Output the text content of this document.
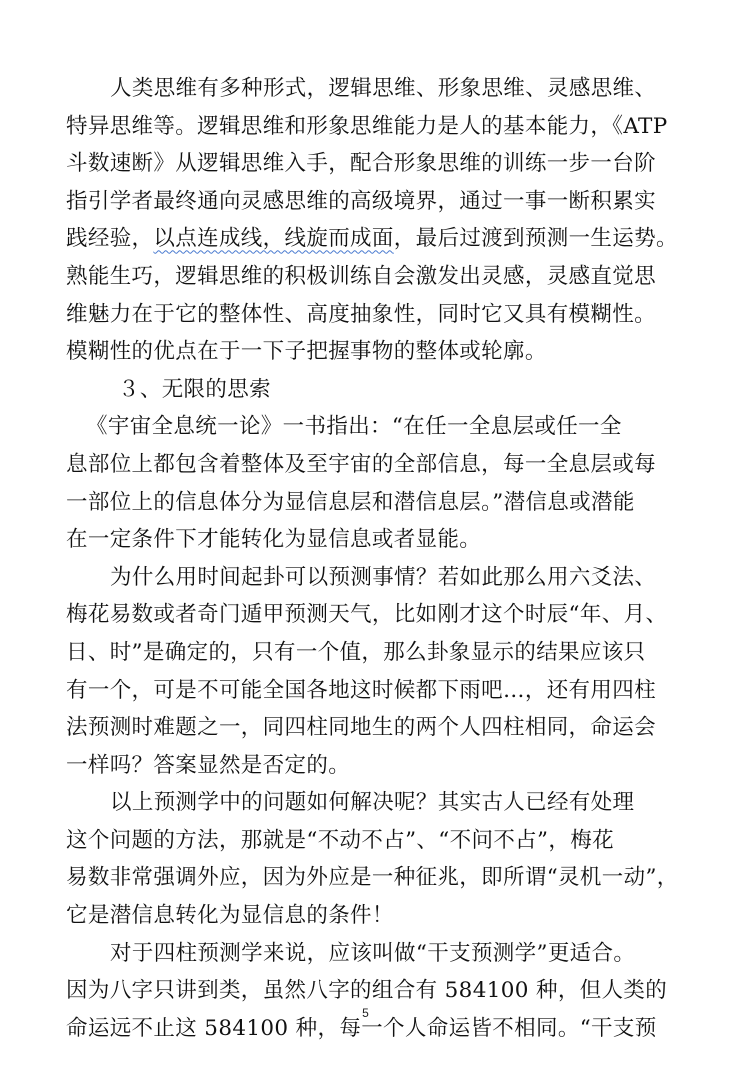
人类思维有多种形式，逻辑思维、形象思维、灵感思维、
特异思维等。逻辑思维和形象思维能力是人的基本能力，《ATP
斗数速断》从逻辑思维入手，配合形象思维的训练一步一台阶
指引学者最终通向灵感思维的高级境界，通过一事一断积累实
践经验，以点连成线，线旋而成面，最后过渡到预测一生运势。
熟能生巧，逻辑思维的积极训练自会激发出灵感，灵感直觉思
维魅力在于它的整体性、高度抽象性，同时它又具有模糊性。
模糊性的优点在于一下子把握事物的整体或轮廓。
３、无限的思索
《宇宙全息统一论》一书指出：“在任一全息层或任一全
息部位上都包含着整体及至宇宙的全部信息，每一全息层或每
一部位上的信息体分为显信息层和潜信息层。”潜信息或潜能
在一定条件下才能转化为显信息或者显能。
为什么用时间起卦可以预测事情？若如此那么用六爻法、
梅花易数或者奇门遁甲预测天气，比如刚才这个时辰“年、月、
日、时”是确定的，只有一个值，那么卦象显示的结果应该只
有一个，可是不可能全国各地这时候都下雨吧…，还有用四柱
法预测时难题之一，同四柱同地生的两个人四柱相同，命运会
一样吗？答案显然是否定的。
以上预测学中的问题如何解决呢？其实古人已经有处理
这个问题的方法，那就是“不动不占”、“不问不占”，梅花
易数非常强调外应，因为外应是一种征兆，即所谓“灵机一动”，
它是潜信息转化为显信息的条件！
对于四柱预测学来说，应该叫做“干支预测学”更适合。
因为八字只讲到类，虽然八字的组合有 584100 种，但人类的
命运远不止这 584100 种，每一个人命运皆不相同。“干支预
5
